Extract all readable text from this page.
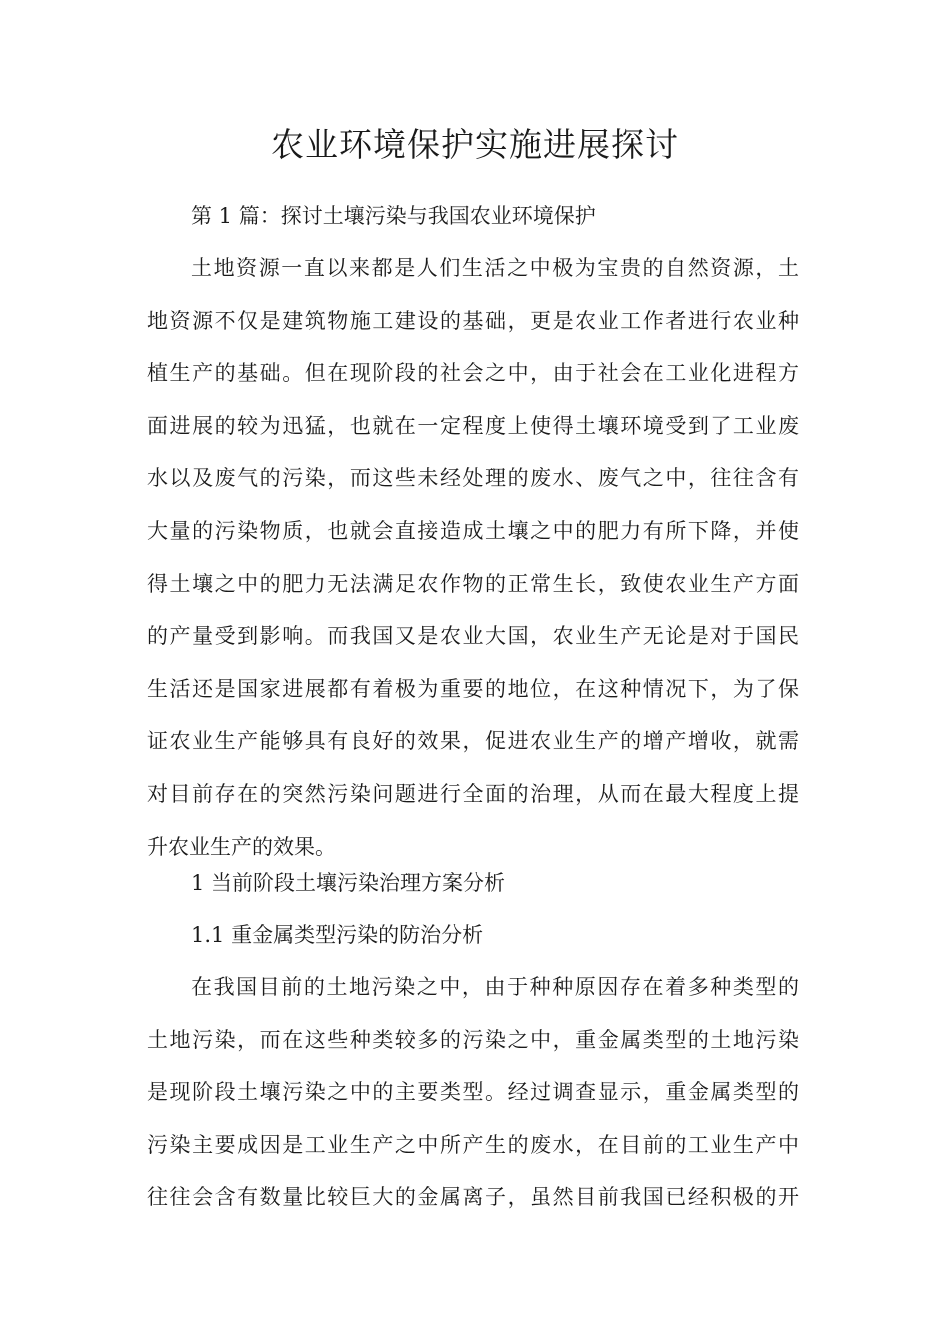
农业环境保护实施进展探讨

第 1 篇：探讨土壤污染与我国农业环境保护

土地资源一直以来都是人们生活之中极为宝贵的自然资源，土
地资源不仅是建筑物施工建设的基础，更是农业工作者进行农业种
植生产的基础。但在现阶段的社会之中，由于社会在工业化进程方
面进展的较为迅猛，也就在一定程度上使得土壤环境受到了工业废
水以及废气的污染，而这些未经处理的废水、废气之中，往往含有
大量的污染物质，也就会直接造成土壤之中的肥力有所下降，并使
得土壤之中的肥力无法满足农作物的正常生长，致使农业生产方面
的产量受到影响。而我国又是农业大国，农业生产无论是对于国民
生活还是国家进展都有着极为重要的地位，在这种情况下，为了保
证农业生产能够具有良好的效果，促进农业生产的增产增收，就需
对目前存在的突然污染问题进行全面的治理，从而在最大程度上提
升农业生产的效果。

1 当前阶段土壤污染治理方案分析

1.1 重金属类型污染的防治分析

在我国目前的土地污染之中，由于种种原因存在着多种类型的
土地污染，而在这些种类较多的污染之中，重金属类型的土地污染
是现阶段土壤污染之中的主要类型。经过调查显示，重金属类型的
污染主要成因是工业生产之中所产生的废水，在目前的工业生产中
往往会含有数量比较巨大的金属离子，虽然目前我国已经积极的开
